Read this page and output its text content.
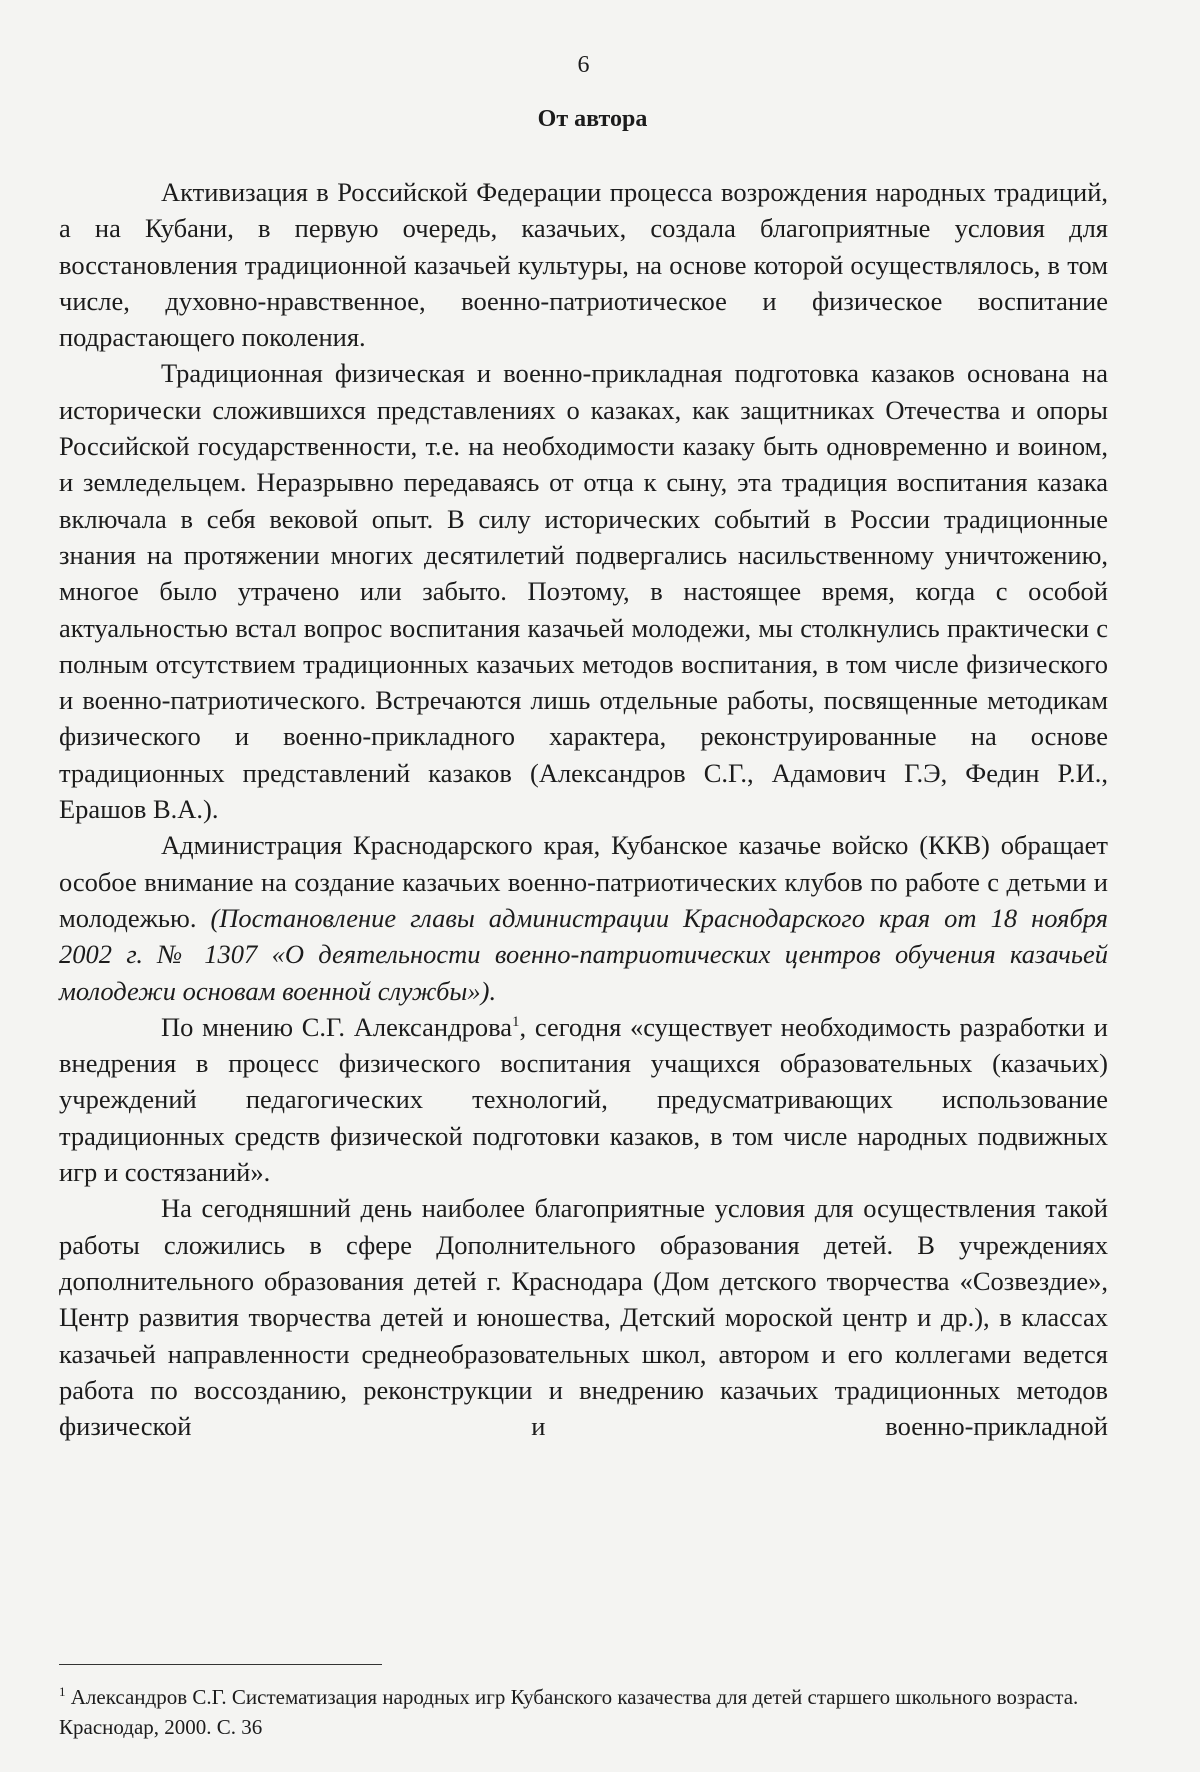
6
От автора

Активизация в Российской Федерации процесса возрождения народных традиций, а на Кубани, в первую очередь, казачьих, создала благоприятные условия для восстановления традиционной казачьей культуры, на основе которой осуществлялось, в том числе, духовно-нравственное, военно-патриотическое и физическое воспитание подрастающего поколения.

Традиционная физическая и военно-прикладная подготовка казаков основана на исторически сложившихся представлениях о казаках, как защитниках Отечества и опоры Российской государственности, т.е. на необходимости казаку быть одновременно и воином, и земледельцем. Неразрывно передаваясь от отца к сыну, эта традиция воспитания казака включала в себя вековой опыт. В силу исторических событий в России традиционные знания на протяжении многих десятилетий подвергались насильственному уничтожению, многое было утрачено или забыто. Поэтому, в настоящее время, когда с особой актуальностью встал вопрос воспитания казачьей молодежи, мы столкнулись практически с полным отсутствием традиционных казачьих методов воспитания, в том числе физического и военно-патриотического. Встречаются лишь отдельные работы, посвященные методикам физического и военно-прикладного характера, реконструированные на основе традиционных представлений казаков (Александров С.Г., Адамович Г.Э, Федин Р.И., Ерашов В.А.).

Администрация Краснодарского края, Кубанское казачье войско (ККВ) обращает особое внимание на создание казачьих военно-патриотических клубов по работе с детьми и молодежью. (Постановление главы администрации Краснодарского края от 18 ноября 2002 г. № 1307 «О деятельности военно-патриотических центров обучения казачьей молодежи основам военной службы»).

По мнению С.Г. Александрова$^1$, сегодня «существует необходимость разработки и внедрения в процесс физического воспитания учащихся образовательных (казачьих) учреждений педагогических технологий, предусматривающих использование традиционных средств физической подготовки казаков, в том числе народных подвижных игр и состязаний».

На сегодняшний день наиболее благоприятные условия для осуществления такой работы сложились в сфере Дополнительного образования детей. В учреждениях дополнительного образования детей г. Краснодара (Дом детского творчества «Созвездие», Центр развития творчества детей и юношества, Детский мороской центр и др.), в классах казачьей направленности среднеобразовательных школ, автором и его коллегами ведется работа по воссозданию, реконструкции и внедрению казачьих традиционных методов физической и военно-прикладной

$^1$ Александров С.Г. Систематизация народных игр Кубанского казачества для детей старшего школьного возраста. Краснодар, 2000. С. 36
